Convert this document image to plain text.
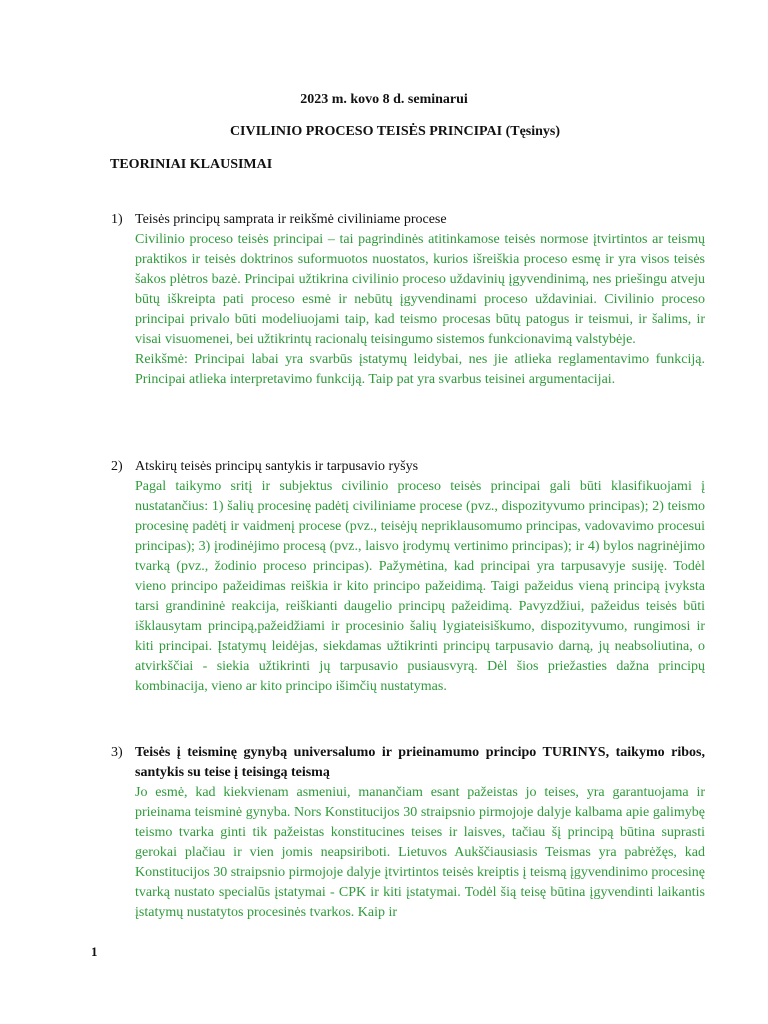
2023 m. kovo 8 d. seminarui
CIVILINIO PROCESO TEISĖS PRINCIPAI (Tęsinys)
TEORINIAI KLAUSIMAI
1) Teisės principų samprata ir reikšmė civiliniame procese
Civilinio proceso teisės principai – tai pagrindinės atitinkamose teisės normose įtvirtintos ar teismų praktikos ir teisės doktrinos suformuotos nuostatos, kurios išreiškia proceso esmę ir yra visos teisės šakos plėtros bazė. Principai užtikrina civilinio proceso uždavinių įgyvendinimą, nes priešingu atveju būtų iškreipta pati proceso esmė ir nebūtų įgyvendinami proceso uždaviniai. Civilinio proceso principai privalo būti modeliuojami taip, kad teismo procesas būtų patogus ir teismui, ir šalims, ir visai visuomenei, bei užtikrintų racionalų teisingumo sistemos funkcionavimą valstybėje.
Reikšmė: Principai labai yra svarbūs įstatymų leidybai, nes jie atlieka reglamentavimo funkciją. Principai atlieka interpretavimo funkciją. Taip pat yra svarbus teisinei argumentacijai.
2) Atskirų teisės principų santykis ir tarpusavio ryšys
Pagal taikymo sritį ir subjektus civilinio proceso teisės principai gali būti klasifikuojami į nustatančius: 1) šalių procesinę padėtį civiliniame procese (pvz., dispozityvumo principas); 2) teismo procesinę padėtį ir vaidmenį procese (pvz., teisėjų nepriklausomumo principas, vadovavimo procesui principas); 3) įrodinėjimo procesą (pvz., laisvo įrodymų vertinimo principas); ir 4) bylos nagrinėjimo tvarką (pvz., žodinio proceso principas). Pažymėtina, kad principai yra tarpusavyje susiję. Todėl vieno principo pažeidimas reiškia ir kito principo pažeidimą. Taigi pažeidus vieną principą įvyksta tarsi grandininė reakcija, reiškianti daugelio principų pažeidimą. Pavyzdžiui, pažeidus teisės būti išklausytam principą,pažeidžiami ir procesinio šalių lygiateisiškumo, dispozityvumo, rungimosi ir kiti principai. Įstatymų leidėjas, siekdamas užtikrinti principų tarpusavio darną, jų neabsoliutina, o atvirkščiai - siekia užtikrinti jų tarpusavio pusiausvyrą. Dėl šios priežasties dažna principų kombinacija, vieno ar kito principo išimčių nustatymas.
3) Teisės į teisminę gynybą universalumo ir prieinamumo principo TURINYS, taikymo ribos, santykis su teise į teisingą teismą
Jo esmė, kad kiekvienam asmeniui, manančiam esant pažeistas jo teises, yra garantuojama ir prieinama teisminė gynyba. Nors Konstitucijos 30 straipsnio pirmojoje dalyje kalbama apie galimybę teismo tvarka ginti tik pažeistas konstitucines teises ir laisves, tačiau šį principą būtina suprasti gerokai plačiau ir vien jomis neapsiriboti. Lietuvos Aukščiausiasis Teismas yra pabrėžęs, kad Konstitucijos 30 straipsnio pirmojoje dalyje įtvirtintos teisės kreiptis į teismą įgyvendinimo procesinę tvarką nustato specialūs įstatymai - CPK ir kiti įstatymai. Todėl šią teisę būtina įgyvendinti laikantis įstatymų nustatytos procesinės tvarkos. Kaip ir
1
